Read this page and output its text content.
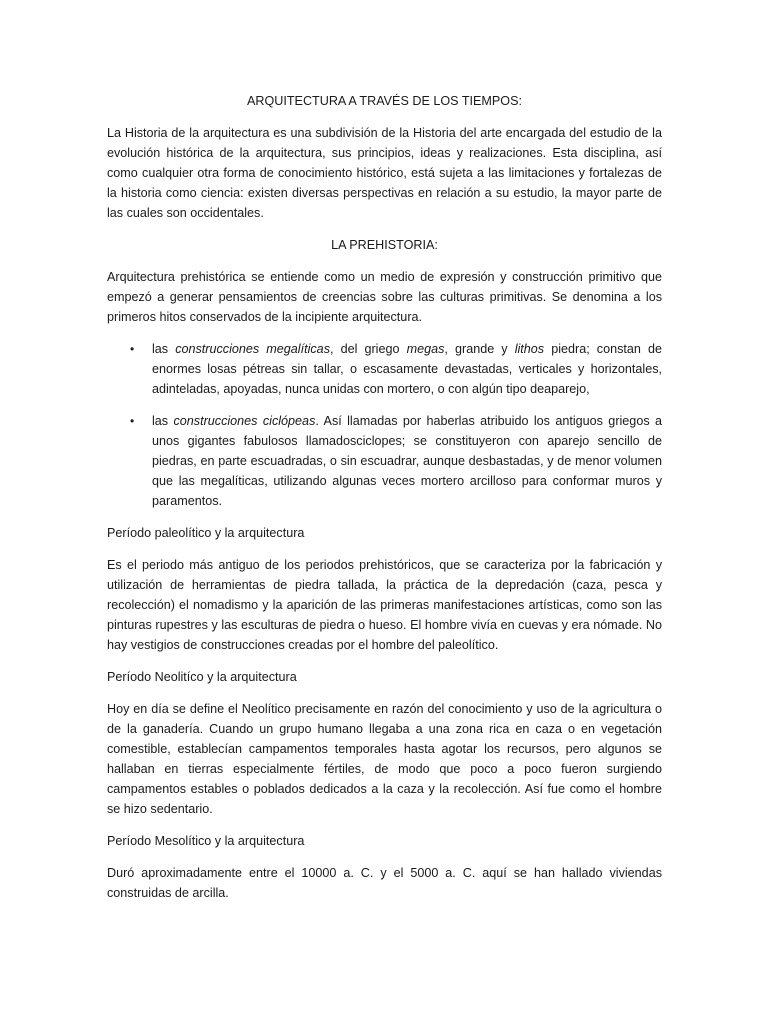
ARQUITECTURA A TRAVÉS DE LOS TIEMPOS:

La Historia de la arquitectura es una subdivisión de la Historia del arte encargada del estudio de la evolución histórica de la arquitectura, sus principios, ideas y realizaciones. Esta disciplina, así como cualquier otra forma de conocimiento histórico, está sujeta a las limitaciones y fortalezas de la historia como ciencia: existen diversas perspectivas en relación a su estudio, la mayor parte de las cuales son occidentales.

LA PREHISTORIA:

Arquitectura prehistórica se entiende como un medio de expresión y construcción primitivo que empezó a generar pensamientos de creencias sobre las culturas primitivas. Se denomina a los primeros hitos conservados de la incipiente arquitectura.

• las construcciones megalíticas, del griego megas, grande y lithos piedra; constan de enormes losas pétreas sin tallar, o escasamente devastadas, verticales y horizontales, adinteladas, apoyadas, nunca unidas con mortero, o con algún tipo deaparejo,
• las construcciones ciclópeas. Así llamadas por haberlas atribuido los antiguos griegos a unos gigantes fabulosos llamadosciclopes; se constituyeron con aparejo sencillo de piedras, en parte escuadradas, o sin escuadrar, aunque desbastadas, y de menor volumen que las megalíticas, utilizando algunas veces mortero arcilloso para conformar muros y paramentos.
Período paleolítico y la arquitectura

Es el periodo más antiguo de los periodos prehistóricos, que se caracteriza por la fabricación y utilización de herramientas de piedra tallada, la práctica de la depredación (caza, pesca y recolección) el nomadismo y la aparición de las primeras manifestaciones artísticas, como son las pinturas rupestres y las esculturas de piedra o hueso. El hombre vivía en cuevas y era nómade. No hay vestigios de construcciones creadas por el hombre del paleolítico.

Período Neolitíco y la arquitectura

Hoy en día se define el Neolítico precisamente en razón del conocimiento y uso de la agricultura o de la ganadería. Cuando un grupo humano llegaba a una zona rica en caza o en vegetación comestible, establecían campamentos temporales hasta agotar los recursos, pero algunos se hallaban en tierras especialmente fértiles, de modo que poco a poco fueron surgiendo campamentos estables o poblados dedicados a la caza y la recolección. Así fue como el hombre se hizo sedentario.

Período Mesolítico y la arquitectura

Duró aproximadamente entre el 10000 a. C. y el 5000 a. C. aquí se han hallado viviendas construidas de arcilla.
